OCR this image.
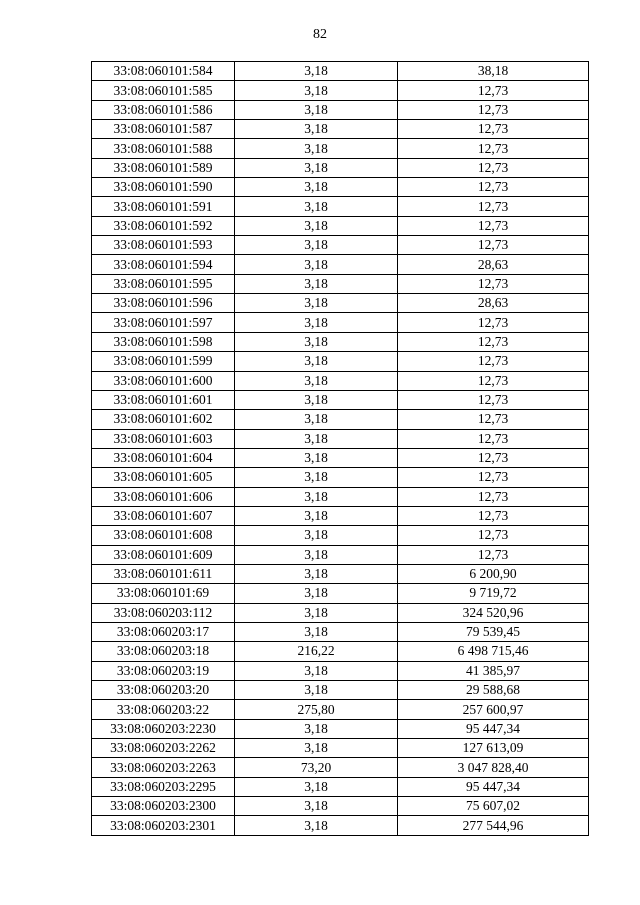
82
33:08:060101:584	3,18	38,18
33:08:060101:585	3,18	12,73
33:08:060101:586	3,18	12,73
33:08:060101:587	3,18	12,73
33:08:060101:588	3,18	12,73
33:08:060101:589	3,18	12,73
33:08:060101:590	3,18	12,73
33:08:060101:591	3,18	12,73
33:08:060101:592	3,18	12,73
33:08:060101:593	3,18	12,73
33:08:060101:594	3,18	28,63
33:08:060101:595	3,18	12,73
33:08:060101:596	3,18	28,63
33:08:060101:597	3,18	12,73
33:08:060101:598	3,18	12,73
33:08:060101:599	3,18	12,73
33:08:060101:600	3,18	12,73
33:08:060101:601	3,18	12,73
33:08:060101:602	3,18	12,73
33:08:060101:603	3,18	12,73
33:08:060101:604	3,18	12,73
33:08:060101:605	3,18	12,73
33:08:060101:606	3,18	12,73
33:08:060101:607	3,18	12,73
33:08:060101:608	3,18	12,73
33:08:060101:609	3,18	12,73
33:08:060101:611	3,18	6 200,90
33:08:060101:69	3,18	9 719,72
33:08:060203:112	3,18	324 520,96
33:08:060203:17	3,18	79 539,45
33:08:060203:18	216,22	6 498 715,46
33:08:060203:19	3,18	41 385,97
33:08:060203:20	3,18	29 588,68
33:08:060203:22	275,80	257 600,97
33:08:060203:2230	3,18	95 447,34
33:08:060203:2262	3,18	127 613,09
33:08:060203:2263	73,20	3 047 828,40
33:08:060203:2295	3,18	95 447,34
33:08:060203:2300	3,18	75 607,02
33:08:060203:2301	3,18	277 544,96
